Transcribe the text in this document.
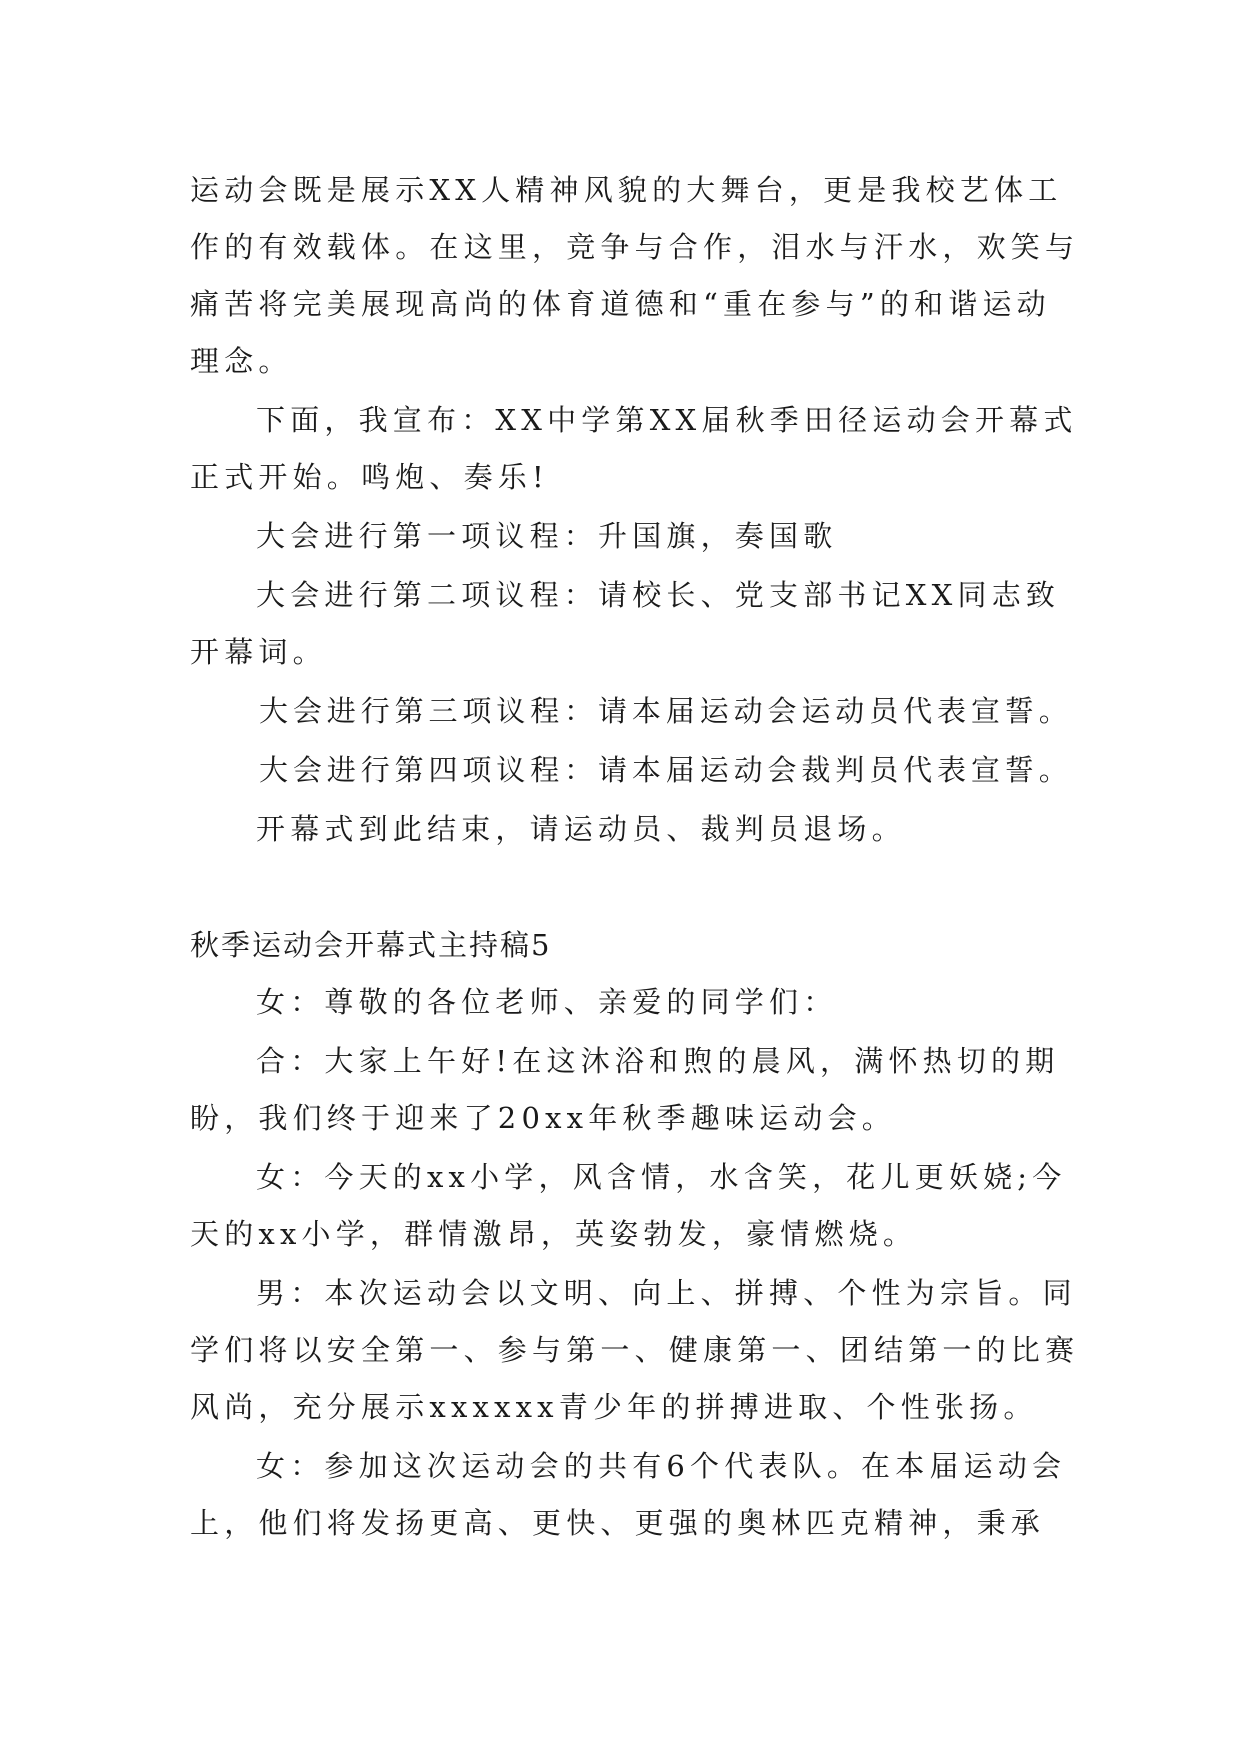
运动会既是展示XX人精神风貌的大舞台，更是我校艺体工
作的有效载体。在这里，竞争与合作，泪水与汗水，欢笑与
痛苦将完美展现高尚的体育道德和“重在参与”的和谐运动
理念。
下面，我宣布：XX中学第XX届秋季田径运动会开幕式
正式开始。鸣炮、奏乐!
大会进行第一项议程：升国旗，奏国歌
大会进行第二项议程：请校长、党支部书记XX同志致
开幕词。
大会进行第三项议程：请本届运动会运动员代表宣誓。
大会进行第四项议程：请本届运动会裁判员代表宣誓。
开幕式到此结束，请运动员、裁判员退场。
秋季运动会开幕式主持稿5
女：尊敬的各位老师、亲爱的同学们：
合：大家上午好!在这沐浴和煦的晨风，满怀热切的期
盼，我们终于迎来了20xx年秋季趣味运动会。
女：今天的xx小学，风含情，水含笑，花儿更妖娆;今
天的xx小学，群情激昂，英姿勃发，豪情燃烧。
男：本次运动会以文明、向上、拼搏、个性为宗旨。同
学们将以安全第一、参与第一、健康第一、团结第一的比赛
风尚，充分展示xxxxxx青少年的拼搏进取、个性张扬。
女：参加这次运动会的共有6个代表队。在本届运动会
上，他们将发扬更高、更快、更强的奥林匹克精神，秉承
